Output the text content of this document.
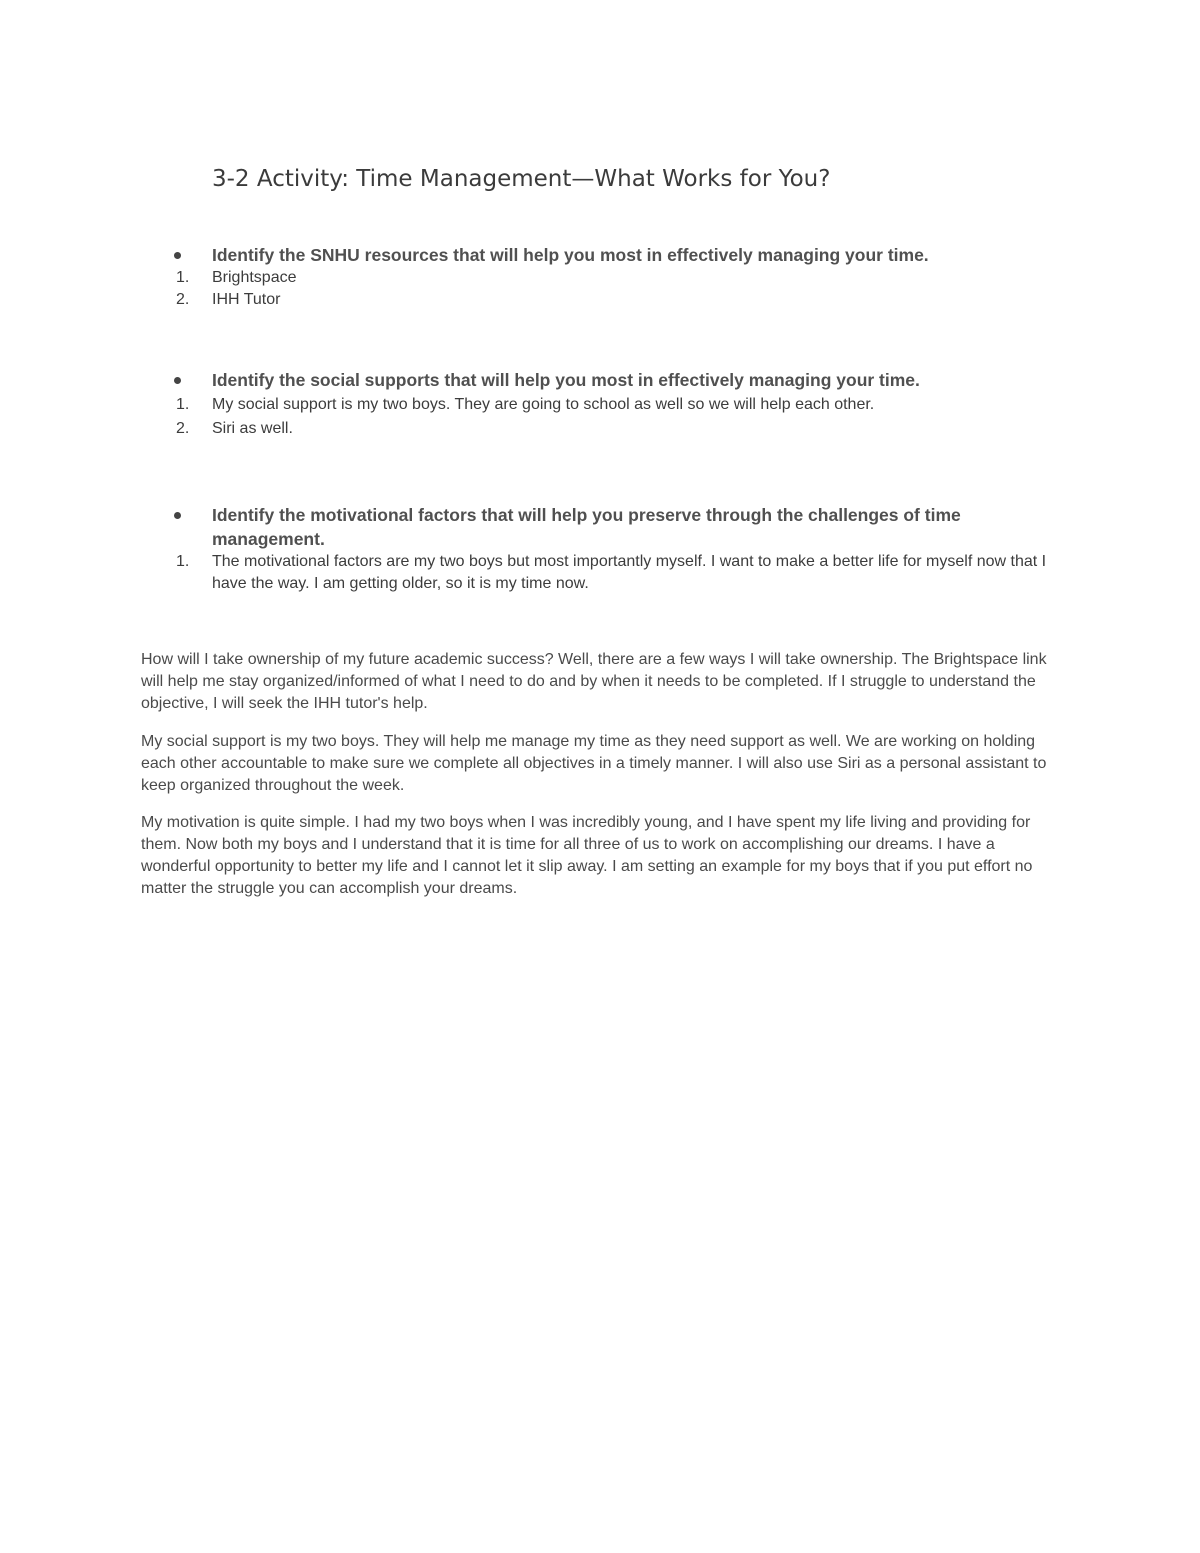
3-2 Activity: Time Management—What Works for You?
Identify the SNHU resources that will help you most in effectively managing your time.
1. Brightspace
2. IHH Tutor
Identify the social supports that will help you most in effectively managing your time.
1. My social support is my two boys. They are going to school as well so we will help each other.
2. Siri as well.
Identify the motivational factors that will help you preserve through the challenges of time management.
1. The motivational factors are my two boys but most importantly myself. I want to make a better life for myself now that I have the way. I am getting older, so it is my time now.

How will I take ownership of my future academic success? Well, there are a few ways I will take ownership. The Brightspace link will help me stay organized/informed of what I need to do and by when it needs to be completed. If I struggle to understand the objective, I will seek the IHH tutor's help.

My social support is my two boys. They will help me manage my time as they need support as well. We are working on holding each other accountable to make sure we complete all objectives in a timely manner. I will also use Siri as a personal assistant to keep organized throughout the week.

My motivation is quite simple. I had my two boys when I was incredibly young, and I have spent my life living and providing for them. Now both my boys and I understand that it is time for all three of us to work on accomplishing our dreams. I have a wonderful opportunity to better my life and I cannot let it slip away. I am setting an example for my boys that if you put effort no matter the struggle you can accomplish your dreams.
